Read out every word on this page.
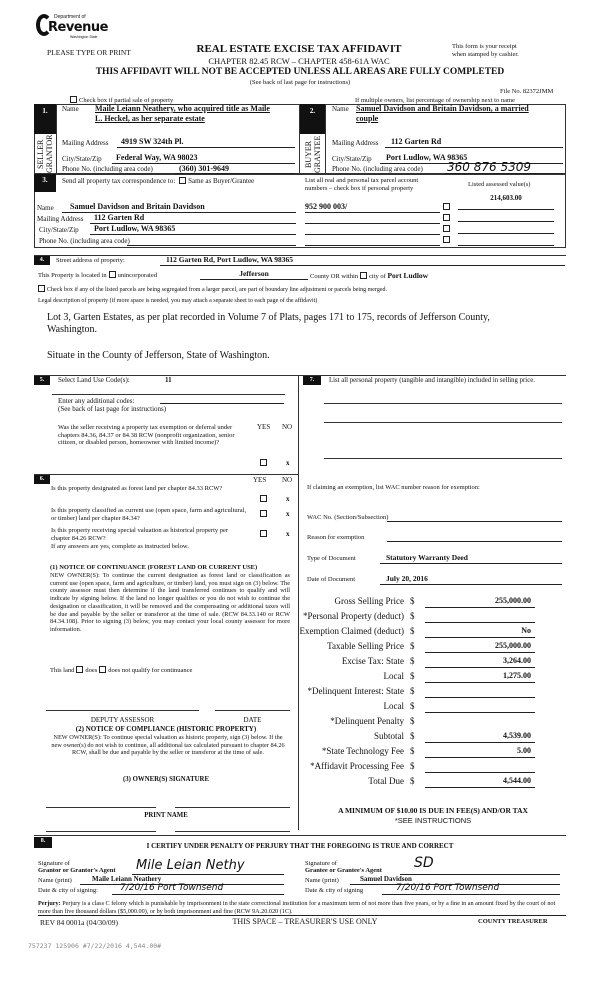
Department of
Revenue
Washington State
PLEASE TYPE OR PRINT	REAL ESTATE EXCISE TAX AFFIDAVIT
CHAPTER 82.45 RCW – CHAPTER 458-61A WAC
This form is your receipt
when stamped by cashier.
THIS AFFIDAVIT WILL NOT BE ACCEPTED UNLESS ALL AREAS ARE FULLY COMPLETED
(See back of last page for instructions)
File No. 82372JMM
Check box if partial sale of property	If multiple owners, list percentage of ownership next to name
1.
SELLER GRANTOR
Name Maile Leiann Neathery, who acquired title as Maile
L. Heckel, as her separate estate
Mailing Address	4919 SW 324th Pl.
City/State/Zip	Federal Way, WA 98023
Phone No. (including area code)	(360) 301-9649
2.
BUYER GRANTEE
Name Samuel Davidson and Britain Davidson, a married
couple
Mailing Address	112 Garten Rd
City/State/Zip	Port Ludlow, WA 98365
Phone No. (including area code) 360 876 5309
3.	Send all property tax correspondence to: Same as Buyer/Grantee	List all real and personal tax parcel account
numbers – check box if personal property
Listed assessed value(s)
Name	Samuel Davidson and Britain Davidson
Mailing Address	112 Garten Rd
City/State/Zip	Port Ludlow, WA 98365
Phone No. (including area code)
952 900 003/
214,603.00
4.	Street address of property:	112 Garten Rd, Port Ludlow, WA 98365
This Property is located in unincorporated	Jefferson	County OR within city of Port Ludlow
Check box if any of the listed parcels are being segregated from a larger parcel, are part of boundary line adjustment or parcels being merged.
Legal description of property (if more space is needed, you may attach a separate sheet to each page of the affidavit)
Lot 3, Garten Estates, as per plat recorded in Volume 7 of Plats, pages 171 to 175, records of Jefferson County,
Washington.
Situate in the County of Jefferson, State of Washington.
5.	Select Land Use Code(s):	11
Enter any additional codes:
(See back of last page for instructions)
Was the seller receiving a property tax exemption or deferral under chapters 84.36, 84.37 or 84.38 RCW (nonprofit organization, senior citizen, or disabled person, homeowner with limited income)?
YES NO
x
6.	YES NO
Is this property designated as forest land per chapter 84.33 RCW?
x
Is this property classified as current use (open space, farm and agricultural, or timber) land per chapter 84.34?	x
Is this property receiving special valuation as historical property per chapter 84.26 RCW?	x
If any answers are yes, complete as instructed below.
(1) NOTICE OF CONTINUANCE (FOREST LAND OR CURRENT USE)
NEW OWNER(S): To continue the current designation as forest land or classification as current use (open space, farm and agriculture, or timber) land, you must sign on (3) below. The county assessor must then determine if the land transferred continues to qualify and will indicate by signing below. If the land no longer qualifies or you do not wish to continue the designation or classification, it will be removed and the compensating or additional taxes will be due and payable by the seller or transferor at the time of sale. (RCW 84.33.140 or RCW 84.34.108). Prior to signing (3) below, you may contact your local county assessor for more information.
This land does does not qualify for continuance
DEPUTY ASSESSOR	DATE
(2) NOTICE OF COMPLIANCE (HISTORIC PROPERTY)
NEW OWNER(S): To continue special valuation as historic property, sign (3) below. If the new owner(s) do not wish to continue, all additional tax calculated pursuant to chapter 84.26 RCW, shall be due and payable by the seller or transferor at the time of sale.
(3) OWNER(S) SIGNATURE
PRINT NAME
7.	List all personal property (tangible and intangible) included in selling price.
If claiming an exemption, list WAC number reason for exemption:
WAC No. (Section/Subsection)
Reason for exemption
Type of Document	Statutory Warranty Deed
Date of Document	July 20, 2016
Gross Selling Price $	255,000.00
*Personal Property (deduct) $
Exemption Claimed (deduct) $	No
Taxable Selling Price $	255,000.00
Excise Tax: State $	3,264.00
Local $	1,275.00
*Delinquent Interest: State $
Local $
*Delinquent Penalty $
Subtotal $	4,539.00
*State Technology Fee $	5.00
*Affidavit Processing Fee $
Total Due $	4,544.00
A MINIMUM OF $10.00 IS DUE IN FEE(S) AND/OR TAX
*SEE INSTRUCTIONS
8.
I CERTIFY UNDER PENALTY OF PERJURY THAT THE FOREGOING IS TRUE AND CORRECT
Signature of
Grantor or Grantor's Agent	Mile Leian Nethy
Name (print)	Maile Leiann Neathery
Date & city of signing:	7/20/16 Port Townsend
Signature of
Grantee or Grantee's Agent	SD
Name (print)	Samuel Davidson
Date & city of signing	7/20/16 Port Townsend
Perjury: Perjury is a class C felony which is punishable by imprisonment in the state correctional institution for a maximum term of not more than five years, or by a fine in an amount fixed by the court of not more than five thousand dollars ($5,000.00), or by both imprisonment and fine (RCW 9A.20.020 (1C).
REV 84 0001a (04/30/09)	THIS SPACE – TREASURER'S USE ONLY	COUNTY TREASURER
757237 125906 #7/22/2016 4,544.00#
